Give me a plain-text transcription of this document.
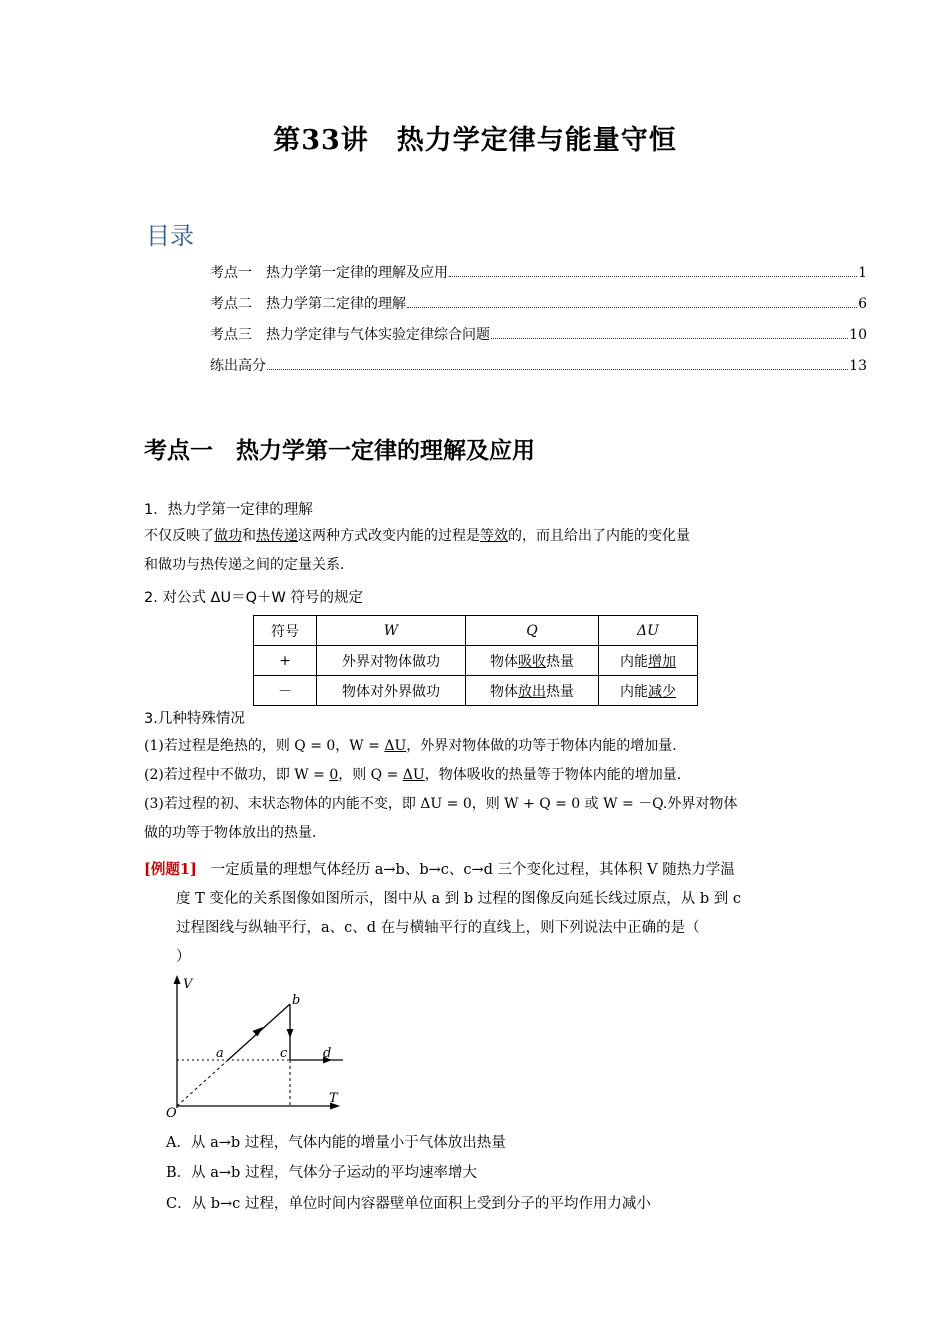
第33讲　热力学定律与能量守恒
目录
考点一　热力学第一定律的理解及应用	1
考点二　热力学第二定律的理解	6
考点三　热力学定律与气体实验定律综合问题	10
练出高分	13
考点一　热力学第一定律的理解及应用
1．热力学第一定律的理解
不仅反映了做功和热传递这两种方式改变内能的过程是等效的，而且给出了内能的变化量
和做功与热传递之间的定量关系．
2. 对公式 ΔU＝Q＋W 符号的规定
符号	W	Q	ΔU
+	外界对物体做功	物体吸收热量	内能增加
－	物体对外界做功	物体放出热量	内能减少
3.几种特殊情况
(1)若过程是绝热的，则 Q = 0，W = ΔU，外界对物体做的功等于物体内能的增加量．
(2)若过程中不做功，即 W = 0，则 Q = ΔU，物体吸收的热量等于物体内能的增加量．
(3)若过程的初、末状态物体的内能不变，即 ΔU = 0，则 W + Q = 0 或 W = －Q.外界对物体
做的功等于物体放出的热量．
[例题1] 一定质量的理想气体经历 a→b、b→c、c→d 三个变化过程，其体积 V 随热力学温
度 T 变化的关系图像如图所示，图中从 a 到 b 过程的图像反向延长线过原点，从 b 到 c
过程图线与纵轴平行，a、c、d 在与横轴平行的直线上，则下列说法中正确的是（
）
V
T
O
a
b
c	d
A．从 a→b 过程，气体内能的增量小于气体放出热量
B．从 a→b 过程，气体分子运动的平均速率增大
C．从 b→c 过程，单位时间内容器壁单位面积上受到分子的平均作用力减小
